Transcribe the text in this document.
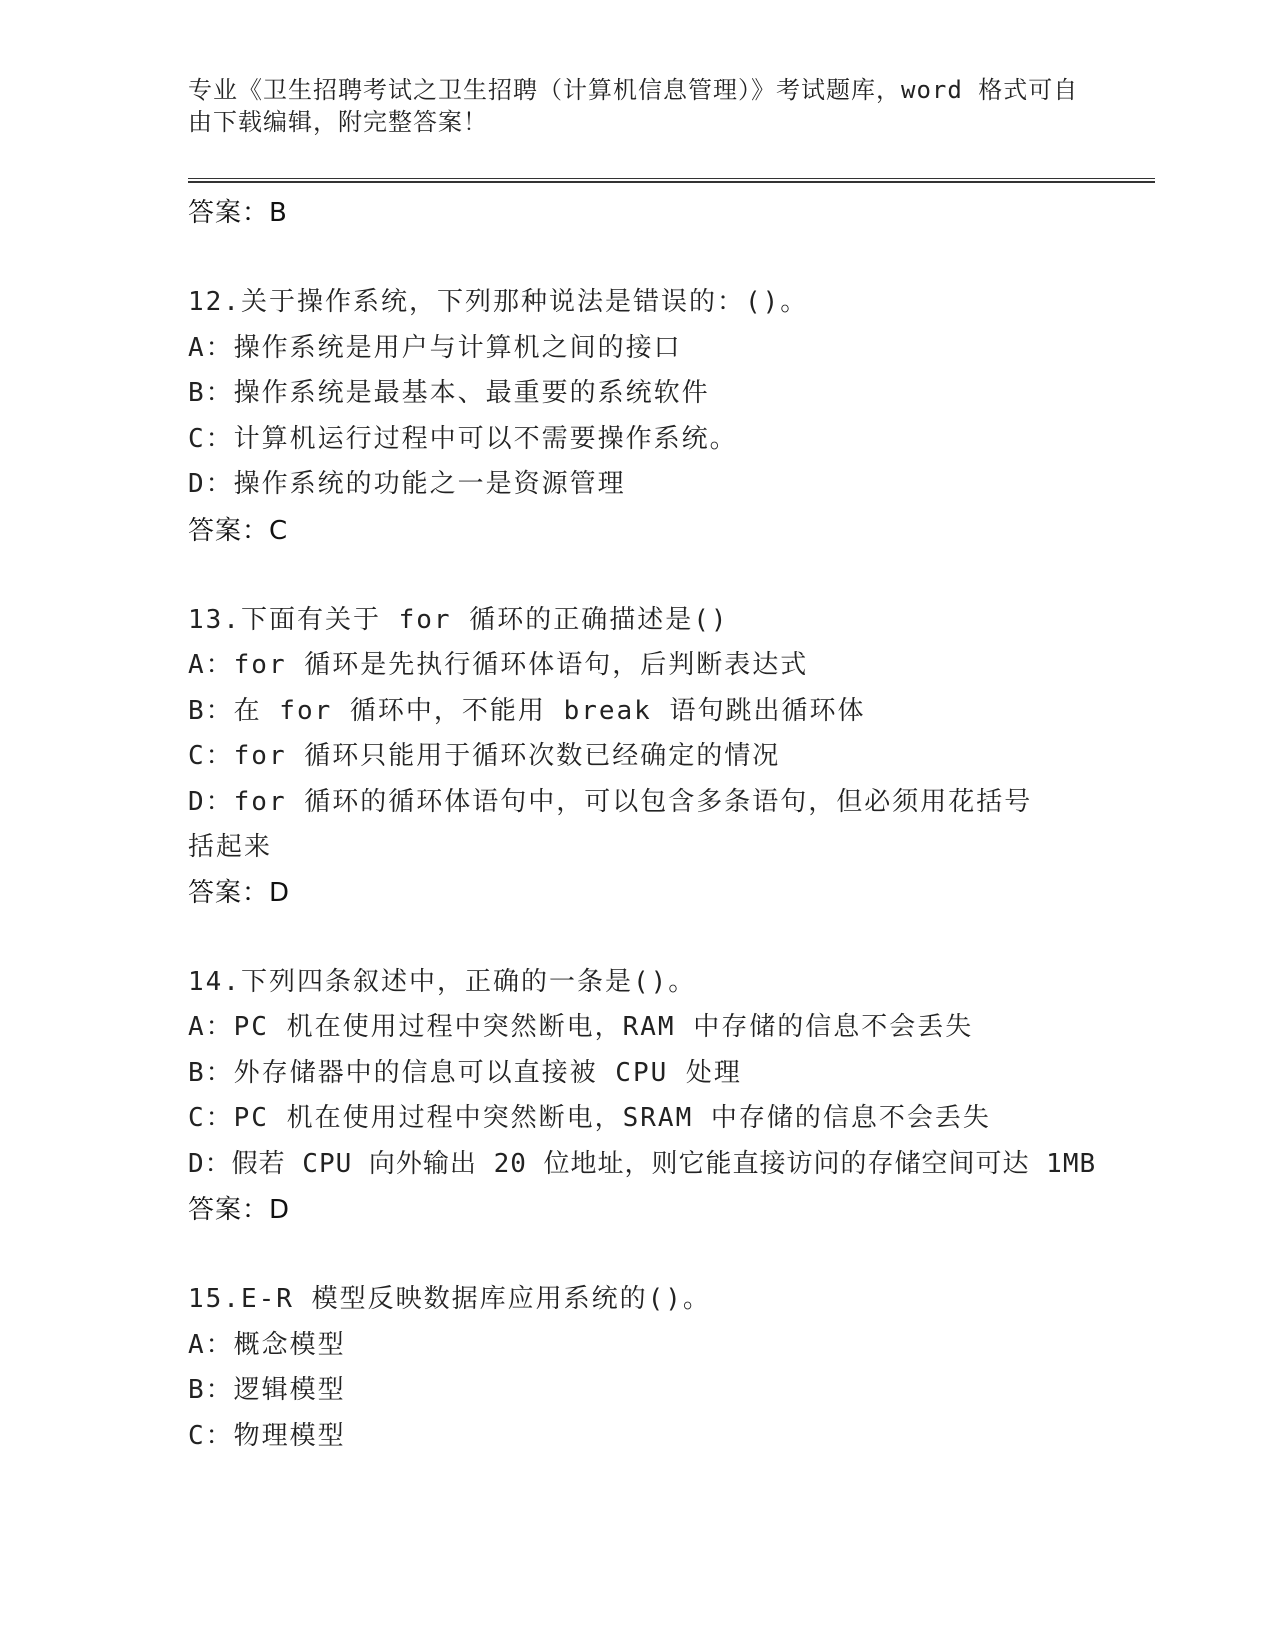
专业《卫生招聘考试之卫生招聘（计算机信息管理）》考试题库，word 格式可自由下载编辑，附完整答案！
答案：B
12.关于操作系统，下列那种说法是错误的：()。
A：操作系统是用户与计算机之间的接口
B：操作系统是最基本、最重要的系统软件
C：计算机运行过程中可以不需要操作系统。
D：操作系统的功能之一是资源管理
答案：C
13.下面有关于 for 循环的正确描述是()
A：for 循环是先执行循环体语句，后判断表达式
B：在 for 循环中，不能用 break 语句跳出循环体
C：for 循环只能用于循环次数已经确定的情况
D：for 循环的循环体语句中，可以包含多条语句，但必须用花括号括起来
答案：D
14.下列四条叙述中，正确的一条是()。
A：PC 机在使用过程中突然断电，RAM 中存储的信息不会丢失
B：外存储器中的信息可以直接被 CPU 处理
C：PC 机在使用过程中突然断电，SRAM 中存储的信息不会丢失
D：假若 CPU 向外输出 20 位地址，则它能直接访问的存储空间可达 1MB
答案：D
15.E-R 模型反映数据库应用系统的()。
A：概念模型
B：逻辑模型
C：物理模型
